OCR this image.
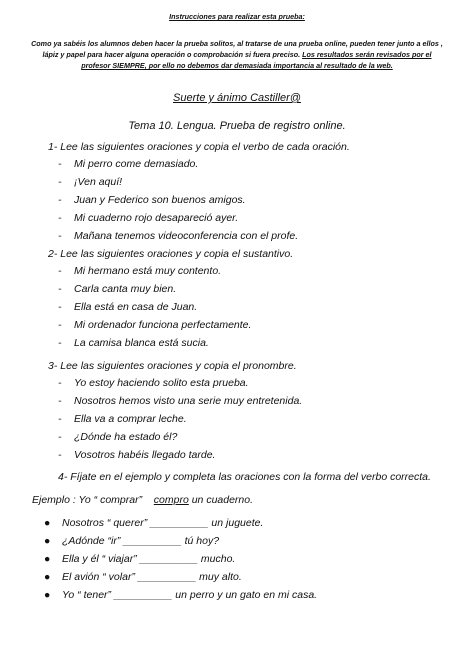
Instrucciones para realizar esta prueba:
Como ya sabéis los alumnos deben hacer la prueba solitos, al tratarse de una prueba online, pueden tener junto a ellos , lápiz y papel para hacer alguna operación o comprobación si fuera preciso. Los resultados serán revisados por el profesor SIEMPRE, por ello no debemos dar demasiada importancia al resultado de la web.
Suerte y ánimo Castiller@
Tema 10. Lengua. Prueba de registro online.
1- Lee las siguientes oraciones y copia el verbo de cada oración.
- Mi perro come demasiado.
- ¡Ven aquí!
- Juan y Federico son buenos amigos.
- Mi cuaderno rojo desapareció ayer.
- Mañana tenemos videoconferencia con el profe.
2- Lee las siguientes oraciones y copia el sustantivo.
- Mi hermano está muy contento.
- Carla canta muy bien.
- Ella está en casa de Juan.
- Mi ordenador funciona perfectamente.
- La camisa blanca está sucia.
3- Lee las siguientes oraciones y copia el pronombre.
- Yo estoy haciendo solito esta prueba.
- Nosotros hemos visto una serie muy entretenida.
- Ella va a comprar leche.
- ¿Dónde ha estado él?
- Vosotros habéis llegado tarde.
4- Fíjate en el ejemplo y completa las oraciones con la forma del verbo correcta.
Ejemplo : Yo “ comprar” compro un cuaderno.
● Nosotros “ querer” __________ un juguete.
● ¿Adónde “ir” __________ tú hoy?
● Ella y él “ viajar” __________ mucho.
● El avión “ volar” __________ muy alto.
● Yo “ tener” __________ un perro y un gato en mi casa.
